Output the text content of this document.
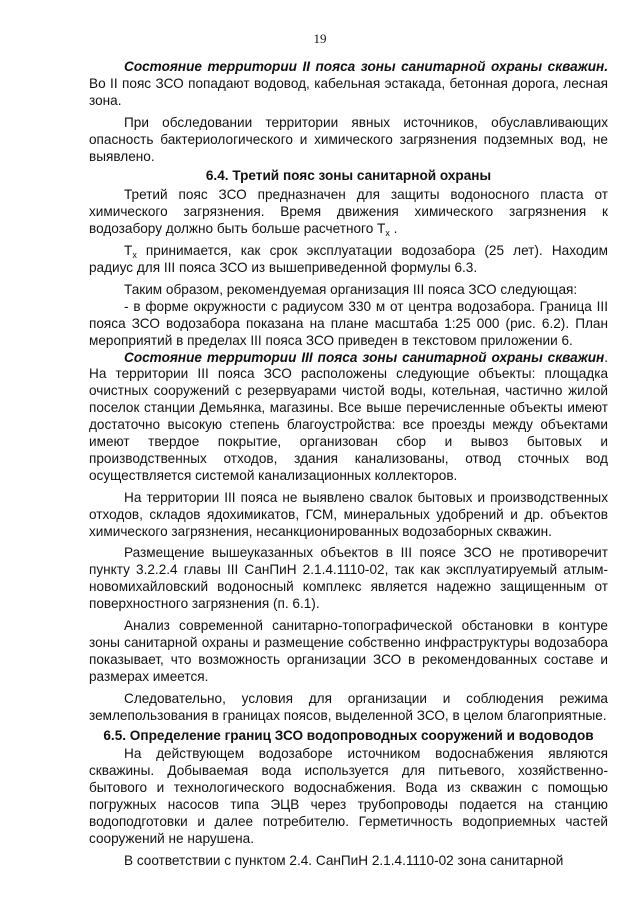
19

Состояние территории II пояса зоны санитарной охраны скважин. Во II пояс ЗСО попадают водовод, кабельная эстакада, бетонная дорога, лесная зона.

При обследовании территории явных источников, обуславливающих опасность бактериологического и химического загрязнения подземных вод, не выявлено.

6.4. Третий пояс зоны санитарной охраны

Третий пояс ЗСО предназначен для защиты водоносного пласта от химического загрязнения. Время движения химического загрязнения к водозабору должно быть больше расчетного $Т_х$ .

$Т_х$ принимается, как срок эксплуатации водозабора (25 лет). Находим радиус для III пояса ЗСО из вышеприведенной формулы 6.3.

Таким образом, рекомендуемая организация III пояса ЗСО следующая:

- в форме окружности с радиусом 330 м от центра водозабора. Граница III пояса ЗСО водозабора показана на плане масштаба 1:25 000 (рис. 6.2). План мероприятий в пределах III пояса ЗСО приведен в текстовом приложении 6.

Состояние территории III пояса зоны санитарной охраны скважин. На территории III пояса ЗСО расположены следующие объекты: площадка очистных сооружений с резервуарами чистой воды, котельная, частично жилой поселок станции Демьянка, магазины. Все выше перечисленные объекты имеют достаточно высокую степень благоустройства: все проезды между объектами имеют твердое покрытие, организован сбор и вывоз бытовых и производственных отходов, здания канализованы, отвод сточных вод осуществляется системой канализационных коллекторов.

На территории III пояса не выявлено свалок бытовых и производственных отходов, складов ядохимикатов, ГСМ, минеральных удобрений и др. объектов химического загрязнения, несанкционированных водозаборных скважин.

Размещение вышеуказанных объектов в III поясе ЗСО не противоречит пункту 3.2.2.4 главы III СанПиН 2.1.4.1110-02, так как эксплуатируемый атлым-новомихайловский водоносный комплекс является надежно защищенным от поверхностного загрязнения (п. 6.1).

Анализ современной санитарно-топографической обстановки в контуре зоны санитарной охраны и размещение собственно инфраструктуры водозабора показывает, что возможность организации ЗСО в рекомендованных составе и размерах имеется.

Следовательно, условия для организации и соблюдения режима землепользования в границах поясов, выделенной ЗСО, в целом благоприятные.

6.5. Определение границ ЗСО водопроводных сооружений и водоводов

На действующем водозаборе источником водоснабжения являются скважины. Добываемая вода используется для питьевого, хозяйственно-бытового и технологического водоснабжения. Вода из скважин с помощью погружных насосов типа ЭЦВ через трубопроводы подается на станцию водоподготовки и далее потребителю. Герметичность водоприемных частей сооружений не нарушена.

В соответствии с пунктом 2.4. СанПиН 2.1.4.1110-02 зона санитарной
